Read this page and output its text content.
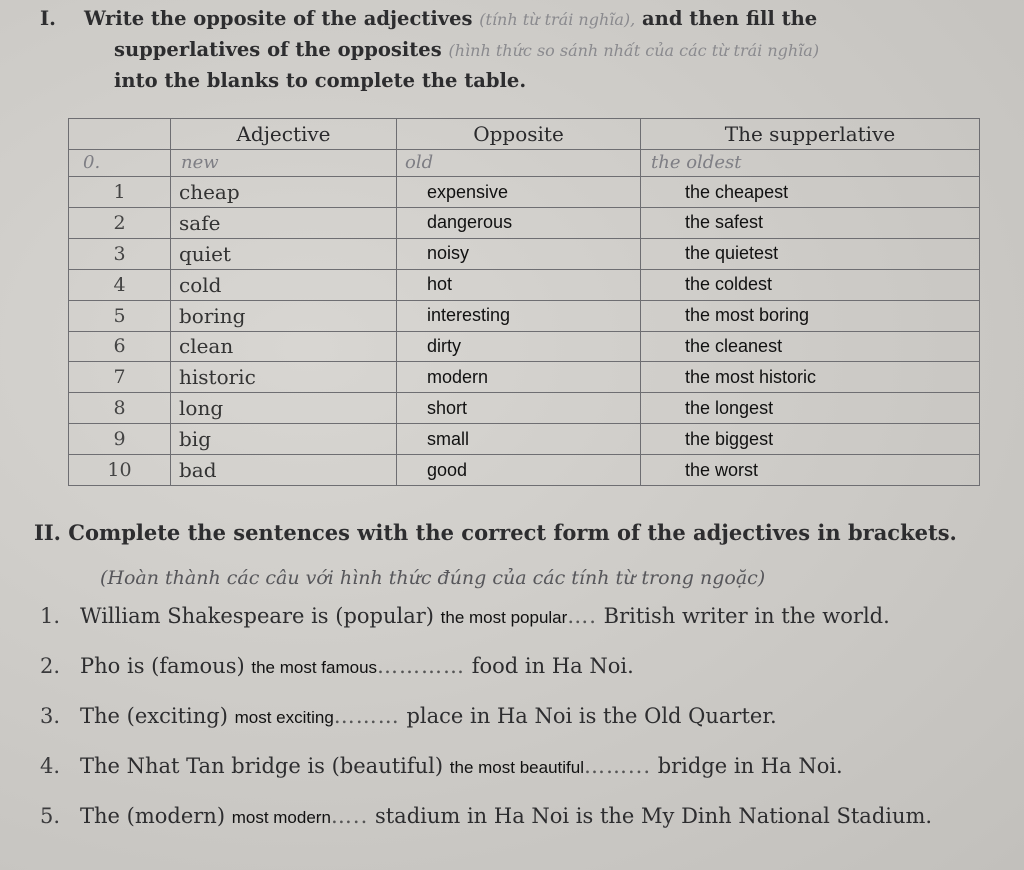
I. Write the opposite of the adjectives (tính từ trái nghĩa), and then fill the
supperlatives of the opposites (hình thức so sánh nhất của các từ trái nghĩa)
into the blanks to complete the table.
	Adjective	Opposite	The supperlative
0.	new	old	the oldest
1	cheap	expensive	the cheapest
2	safe	dangerous	the safest
3	quiet	noisy	the quietest
4	cold	hot	the coldest
5	boring	interesting	the most boring
6	clean	dirty	the cleanest
7	historic	modern	the most historic
8	long	short	the longest
9	big	small	the biggest
10	bad	good	the worst
II. Complete the sentences with the correct form of the adjectives in brackets.
(Hoàn thành các câu với hình thức đúng của các tính từ trong ngoặc)
1. William Shakespeare is (popular) the most popular…. British writer in the world.
2. Pho is (famous) the most famous………… food in Ha Noi.
3. The (exciting) most exciting……… place in Ha Noi is the Old Quarter.
4. The Nhat Tan bridge is (beautiful) the most beautiful……... bridge in Ha Noi.
5. The (modern) most modern….. stadium in Ha Noi is the My Dinh National Stadium.
